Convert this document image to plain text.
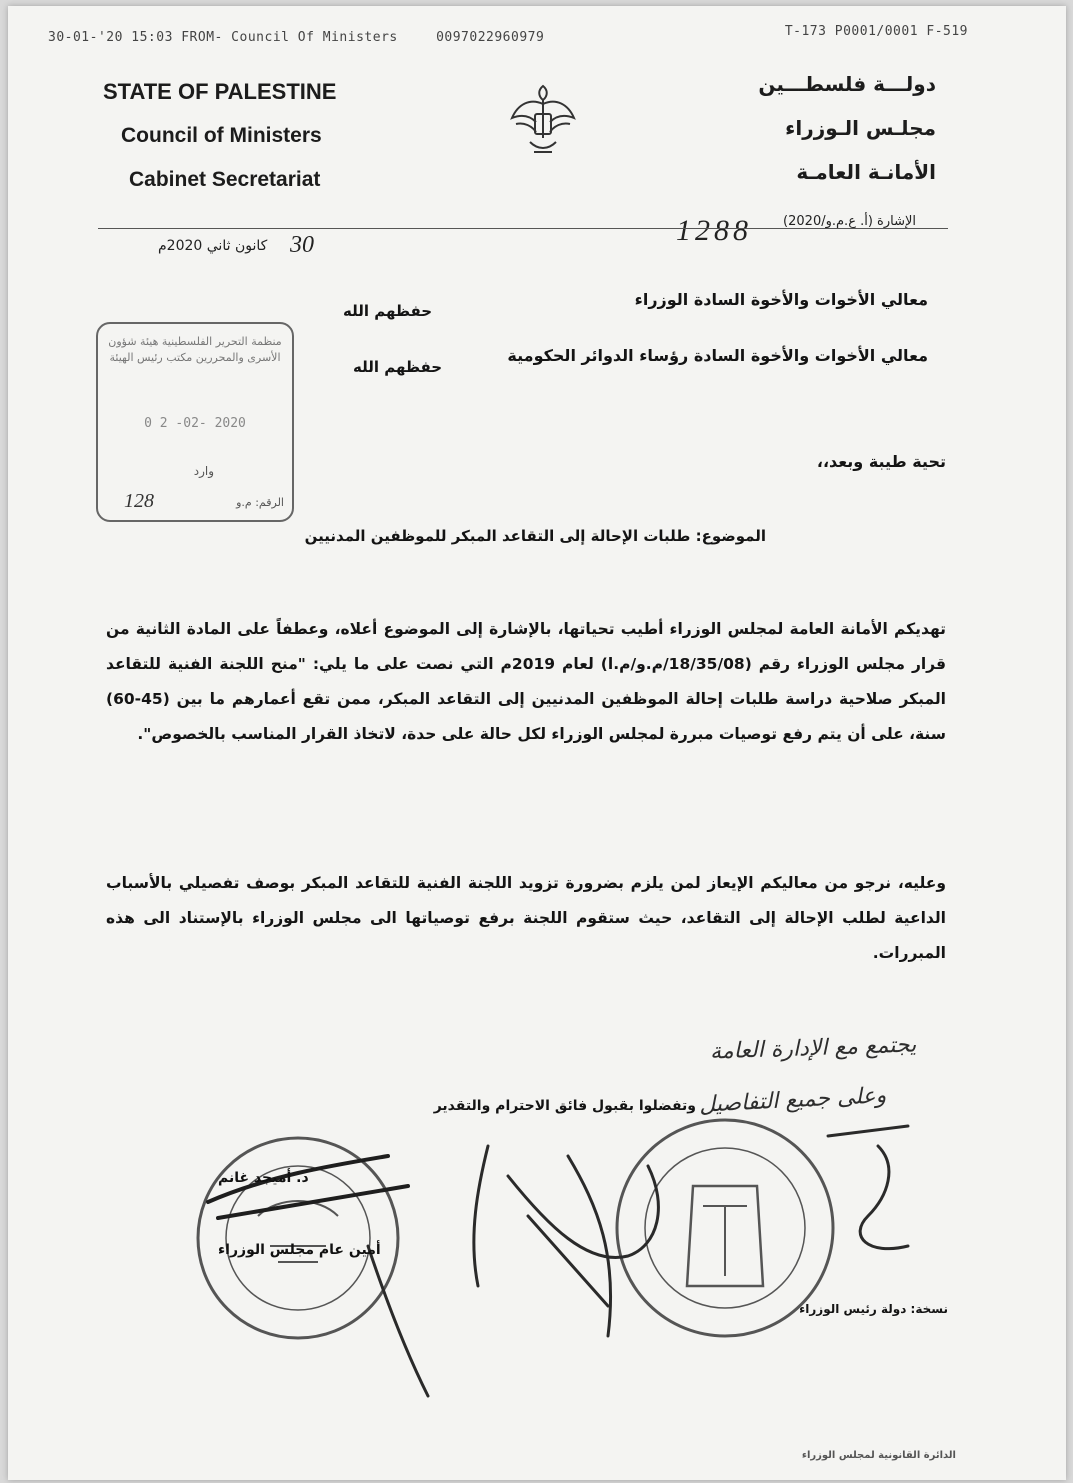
30-01-'20 15:03 FROM- Council Of Ministers	0097022960979	T-173 P0001/0001 F-519
STATE OF PALESTINE
Council of Ministers
Cabinet Secretariat
دولـــة فلسطـــين
مجلـس الـوزراء
الأمانـة العامـة
الإشارة (أ. ع.م.و/2020)
1288
30
كانون ثاني 2020م
معالي الأخوات والأخوة السادة الوزراء
حفظهم الله
معالي الأخوات والأخوة السادة رؤساء الدوائر الحكومية
حفظهم الله
منظمة التحرير الفلسطينية هيئة شؤون الأسرى والمحررين مكتب رئيس الهيئة
0 2 -02- 2020
وارد
128	الرقم: م.و
تحية طيبة وبعد،،
الموضوع: طلبات الإحالة إلى التقاعد المبكر للموظفين المدنيين
تهديكم الأمانة العامة لمجلس الوزراء أطيب تحياتها، بالإشارة إلى الموضوع أعلاه، وعطفاً على المادة الثانية من قرار مجلس الوزراء رقم (18/35/08/م.و/م.ا) لعام 2019م التي نصت على ما يلي: "منح اللجنة الفنية للتقاعد المبكر صلاحية دراسة طلبات إحالة الموظفين المدنيين إلى التقاعد المبكر، ممن تقع أعمارهم ما بين (45-60) سنة، على أن يتم رفع توصيات مبررة لمجلس الوزراء لكل حالة على حدة، لاتخاذ القرار المناسب بالخصوص".
وعليه، نرجو من معاليكم الإيعاز لمن يلزم بضرورة تزويد اللجنة الفنية للتقاعد المبكر بوصف تفصيلي بالأسباب الداعية لطلب الإحالة إلى التقاعد، حيث ستقوم اللجنة برفع توصياتها الى مجلس الوزراء بالإستناد الى هذه المبررات.
يجتمع مع الإدارة العامة
وعلى جميع التفاصيل
وتفضلوا بقبول فائق الاحترام والتقدير
د. أميجد غانم
أمين عام مجلس الوزراء
نسخة: دولة رئيس الوزراء
الدائرة القانونية لمجلس الوزراء
